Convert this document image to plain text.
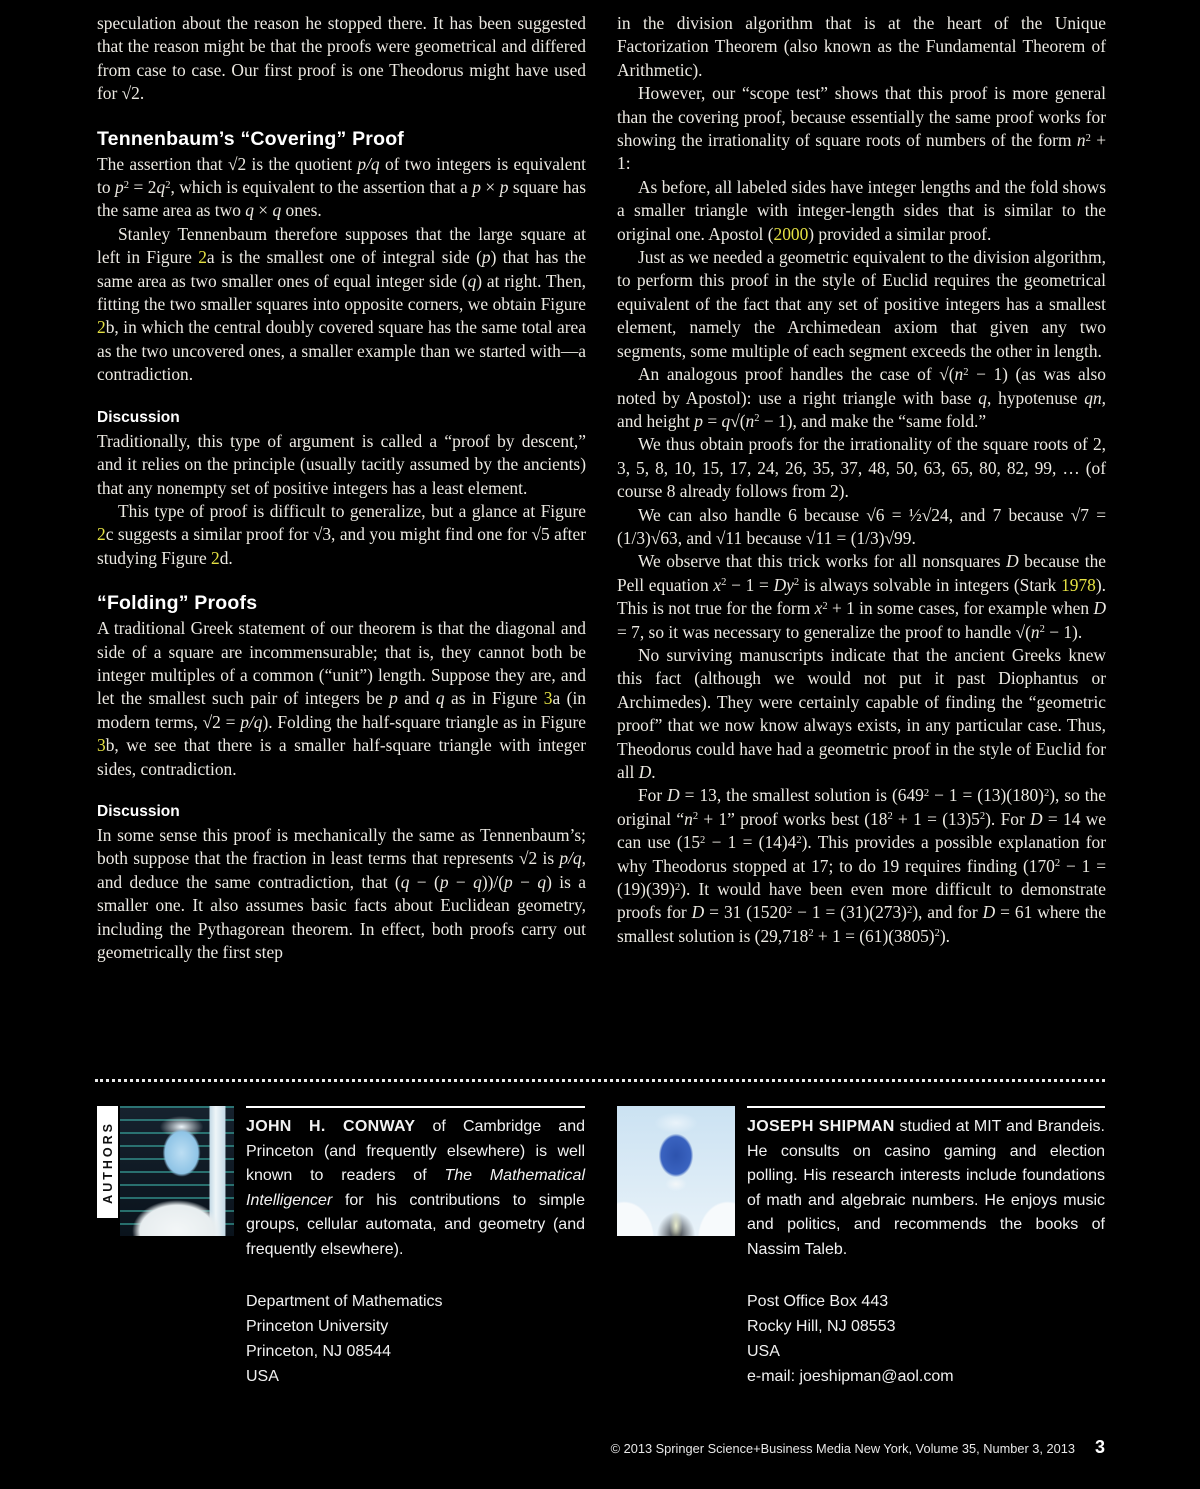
speculation about the reason he stopped there. It has been suggested that the reason might be that the proofs were geometrical and differed from case to case. Our first proof is one Theodorus might have used for √2.

Tennenbaum’s “Covering” Proof

The assertion that √2 is the quotient p/q of two integers is equivalent to $p^2 = 2q^2$, which is equivalent to the assertion that a p × p square has the same area as two q × q ones.

Stanley Tennenbaum therefore supposes that the large square at left in Figure 2a is the smallest one of integral side (p) that has the same area as two smaller ones of equal integer side (q) at right. Then, fitting the two smaller squares into opposite corners, we obtain Figure 2b, in which the central doubly covered square has the same total area as the two uncovered ones, a smaller example than we started with—a contradiction.

Discussion

Traditionally, this type of argument is called a “proof by descent,” and it relies on the principle (usually tacitly assumed by the ancients) that any nonempty set of positive integers has a least element.

This type of proof is difficult to generalize, but a glance at Figure 2c suggests a similar proof for √3, and you might find one for √5 after studying Figure 2d.

“Folding” Proofs

A traditional Greek statement of our theorem is that the diagonal and side of a square are incommensurable; that is, they cannot both be integer multiples of a common (“unit”) length. Suppose they are, and let the smallest such pair of integers be p and q as in Figure 3a (in modern terms, √2 = p/q). Folding the half-square triangle as in Figure 3b, we see that there is a smaller half-square triangle with integer sides, contradiction.

Discussion

In some sense this proof is mechanically the same as Tennenbaum’s; both suppose that the fraction in least terms that represents √2 is p/q, and deduce the same contradiction, that (q − (p − q))/(p − q) is a smaller one. It also assumes basic facts about Euclidean geometry, including the Pythagorean theorem. In effect, both proofs carry out geometrically the first step

in the division algorithm that is at the heart of the Unique Factorization Theorem (also known as the Fundamental Theorem of Arithmetic).

However, our “scope test” shows that this proof is more general than the covering proof, because essentially the same proof works for showing the irrationality of square roots of numbers of the form $n^2 + 1$:

As before, all labeled sides have integer lengths and the fold shows a smaller triangle with integer-length sides that is similar to the original one. Apostol (2000) provided a similar proof.

Just as we needed a geometric equivalent to the division algorithm, to perform this proof in the style of Euclid requires the geometrical equivalent of the fact that any set of positive integers has a smallest element, namely the Archimedean axiom that given any two segments, some multiple of each segment exceeds the other in length.

An analogous proof handles the case of $√(n^2 - 1)$ (as was also noted by Apostol): use a right triangle with base q, hypotenuse qn, and height $p = q√(n^2 - 1)$, and make the “same fold.”

We thus obtain proofs for the irrationality of the square roots of 2, 3, 5, 8, 10, 15, 17, 24, 26, 35, 37, 48, 50, 63, 65, 80, 82, 99, … (of course 8 already follows from 2).

We can also handle 6 because √6 = ½√24, and 7 because √7 = (1/3)√63, and √11 because √11 = (1/3)√99.

We observe that this trick works for all nonsquares D because the Pell equation $x^2 - 1 = Dy^2$ is always solvable in integers (Stark 1978). This is not true for the form $x^2 + 1$ in some cases, for example when D = 7, so it was necessary to generalize the proof to handle $√(n^2 - 1)$.

No surviving manuscripts indicate that the ancient Greeks knew this fact (although we would not put it past Diophantus or Archimedes). They were certainly capable of finding the “geometric proof” that we now know always exists, in any particular case. Thus, Theodorus could have had a geometric proof in the style of Euclid for all D.

For D = 13, the smallest solution is $(649^2 - 1 = (13)(180)^2)$, so the original “$n^2 + 1$” proof works best $(18^2 + 1 = (13)5^2)$. For D = 14 we can use $(15^2 - 1 = (14)4^2)$. This provides a possible explanation for why Theodorus stopped at 17; to do 19 requires finding $(170^2 - 1 = (19)(39)^2)$. It would have been even more difficult to demonstrate proofs for D = 31 $(1520^2 - 1 = (31)(273)^2)$, and for D = 61 where the smallest solution is $(29,718^2 + 1 = (61)(3805)^2)$.

AUTHORS	JOHN H. CONWAY of Cambridge and Princeton (and frequently elsewhere) is well known to readers of The Mathematical Intelligencer for his contributions to simple groups, cellular automata, and geometry (and frequently elsewhere).
Department of Mathematics
Princeton University
Princeton, NJ 08544
USA
JOSEPH SHIPMAN studied at MIT and Brandeis. He consults on casino gaming and election polling. His research interests include foundations of math and algebraic numbers. He enjoys music and politics, and recommends the books of Nassim Taleb.
Post Office Box 443
Rocky Hill, NJ 08553
USA
e-mail: joeshipman@aol.com
© 2013 Springer Science+Business Media New York, Volume 35, Number 3, 2013 3
